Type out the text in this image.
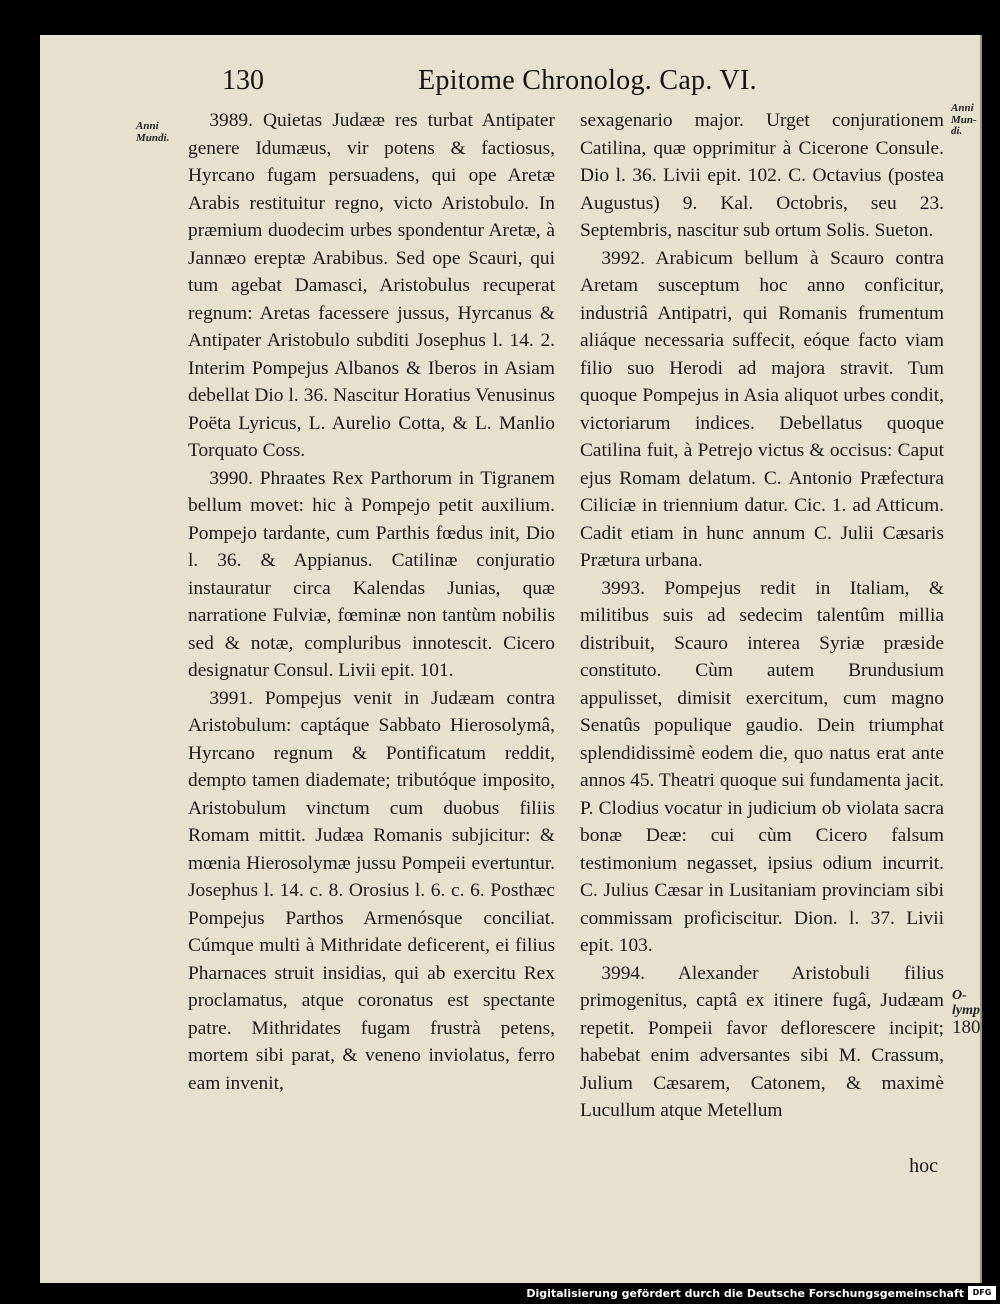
130	Epitome Chronolog. Cap. VI.
Anni Mundi.
Anni Mun-di.
O-lymp
180

3989. Quietas Judææ res turbat Antipater genere Idumæus, vir potens & factiosus, Hyrcano fugam persuadens, qui ope Aretæ Arabis restituitur regno, victo Aristobulo. In præmium duodecim urbes spondentur Aretæ, à Jannæo ereptæ Arabibus. Sed ope Scauri, qui tum agebat Damasci, Aristobulus recuperat regnum: Aretas facessere jussus, Hyrcanus & Antipater Aristobulo subditi Josephus l. 14. 2. Interim Pompejus Albanos & Iberos in Asiam debellat Dio l. 36. Nascitur Horatius Venusinus Poëta Lyricus, L. Aurelio Cotta, & L. Manlio Torquato Coss.

3990. Phraates Rex Parthorum in Tigranem bellum movet: hic à Pompejo petit auxilium. Pompejo tardante, cum Parthis fœdus init, Dio l. 36. & Appianus. Catilinæ conjuratio instauratur circa Kalendas Junias, quæ narratione Fulviæ, fœminæ non tantùm nobilis sed & notæ, compluribus innotescit. Cicero designatur Consul. Livii epit. 101.

3991. Pompejus venit in Judæam contra Aristobulum: captáque Sabbato Hierosolymâ, Hyrcano regnum & Pontificatum reddit, dempto tamen diademate; tributóque imposito, Aristobulum vinctum cum duobus filiis Romam mittit. Judæa Romanis subjicitur: & mœnia Hierosolymæ jussu Pompeii evertuntur. Josephus l. 14. c. 8. Orosius l. 6. c. 6. Posthæc Pompejus Parthos Armenósque conciliat. Cúmque multi à Mithridate deficerent, ei filius Pharnaces struit insidias, qui ab exercitu Rex proclamatus, atque coronatus est spectante patre. Mithridates fugam frustrà petens, mortem sibi parat, & veneno inviolatus, ferro eam invenit,

sexagenario major. Urget conjurationem Catilina, quæ opprimitur à Cicerone Consule. Dio l. 36. Livii epit. 102. C. Octavius (postea Augustus) 9. Kal. Octobris, seu 23. Septembris, nascitur sub ortum Solis. Sueton.

3992. Arabicum bellum à Scauro contra Aretam susceptum hoc anno conficitur, industriâ Antipatri, qui Romanis frumentum aliáque necessaria suffecit, eóque facto viam filio suo Herodi ad majora stravit. Tum quoque Pompejus in Asia aliquot urbes condit, victoriarum indices. Debellatus quoque Catilina fuit, à Petrejo victus & occisus: Caput ejus Romam delatum. C. Antonio Præfectura Ciliciæ in triennium datur. Cic. 1. ad Atticum. Cadit etiam in hunc annum C. Julii Cæsaris Prætura urbana.

3993. Pompejus redit in Italiam, & militibus suis ad sedecim talentûm millia distribuit, Scauro interea Syriæ præside constituto. Cùm autem Brundusium appulisset, dimisit exercitum, cum magno Senatûs populique gaudio. Dein triumphat splendidissimè eodem die, quo natus erat ante annos 45. Theatri quoque sui fundamenta jacit. P. Clodius vocatur in judicium ob violata sacra bonæ Deæ: cui cùm Cicero falsum testimonium negasset, ipsius odium incurrit. C. Julius Cæsar in Lusitaniam provinciam sibi commissam proficiscitur. Dion. l. 37. Livii epit. 103.

3994. Alexander Aristobuli filius primogenitus, captâ ex itinere fugâ, Judæam repetit. Pompeii favor deflorescere incipit; habebat enim adversantes sibi M. Crassum, Julium Cæsarem, Catonem, & maximè Lucullum atque Metellum

hoc
Digitalisierung gefördert durch die Deutsche Forschungsgemeinschaft	DFG
